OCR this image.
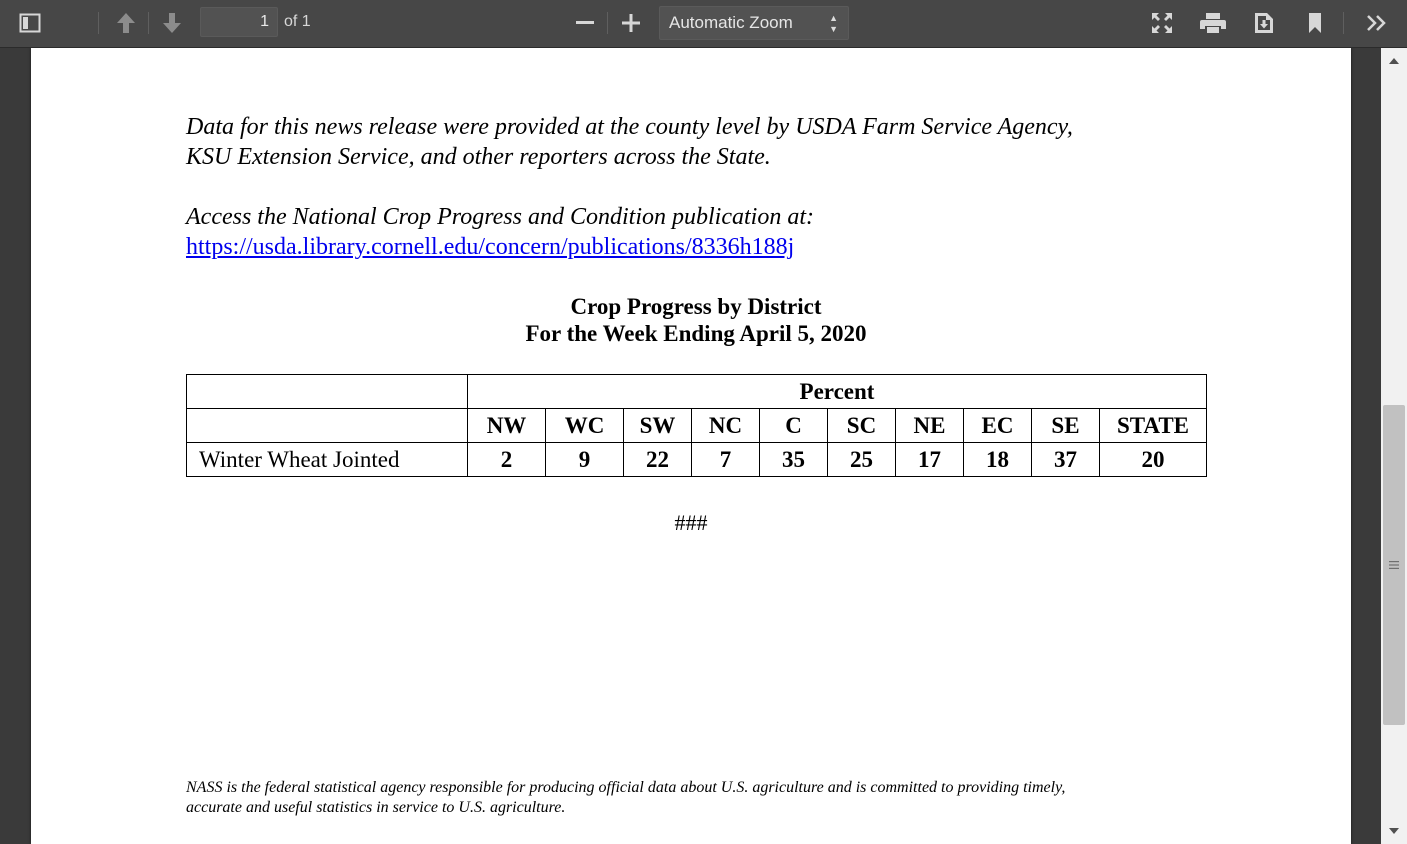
1 of 1	Automatic Zoom	▲
▼

Data for this news release were provided at the county level by USDA Farm Service Agency,
KSU Extension Service, and other reporters across the State.
Access the National Crop Progress and Condition publication at:
https://usda.library.cornell.edu/concern/publications/8336h188j
Crop Progress by District
For the Week Ending April 5, 2020
	Percent									
	NW	WC	SW	NC	C	SC	NE	EC	SE	STATE
Winter Wheat Jointed	2	9	22	7	35	25	17	18	37	20
###
NASS is the federal statistical agency responsible for producing official data about U.S. agriculture and is committed to providing timely,
accurate and useful statistics in service to U.S. agriculture.
